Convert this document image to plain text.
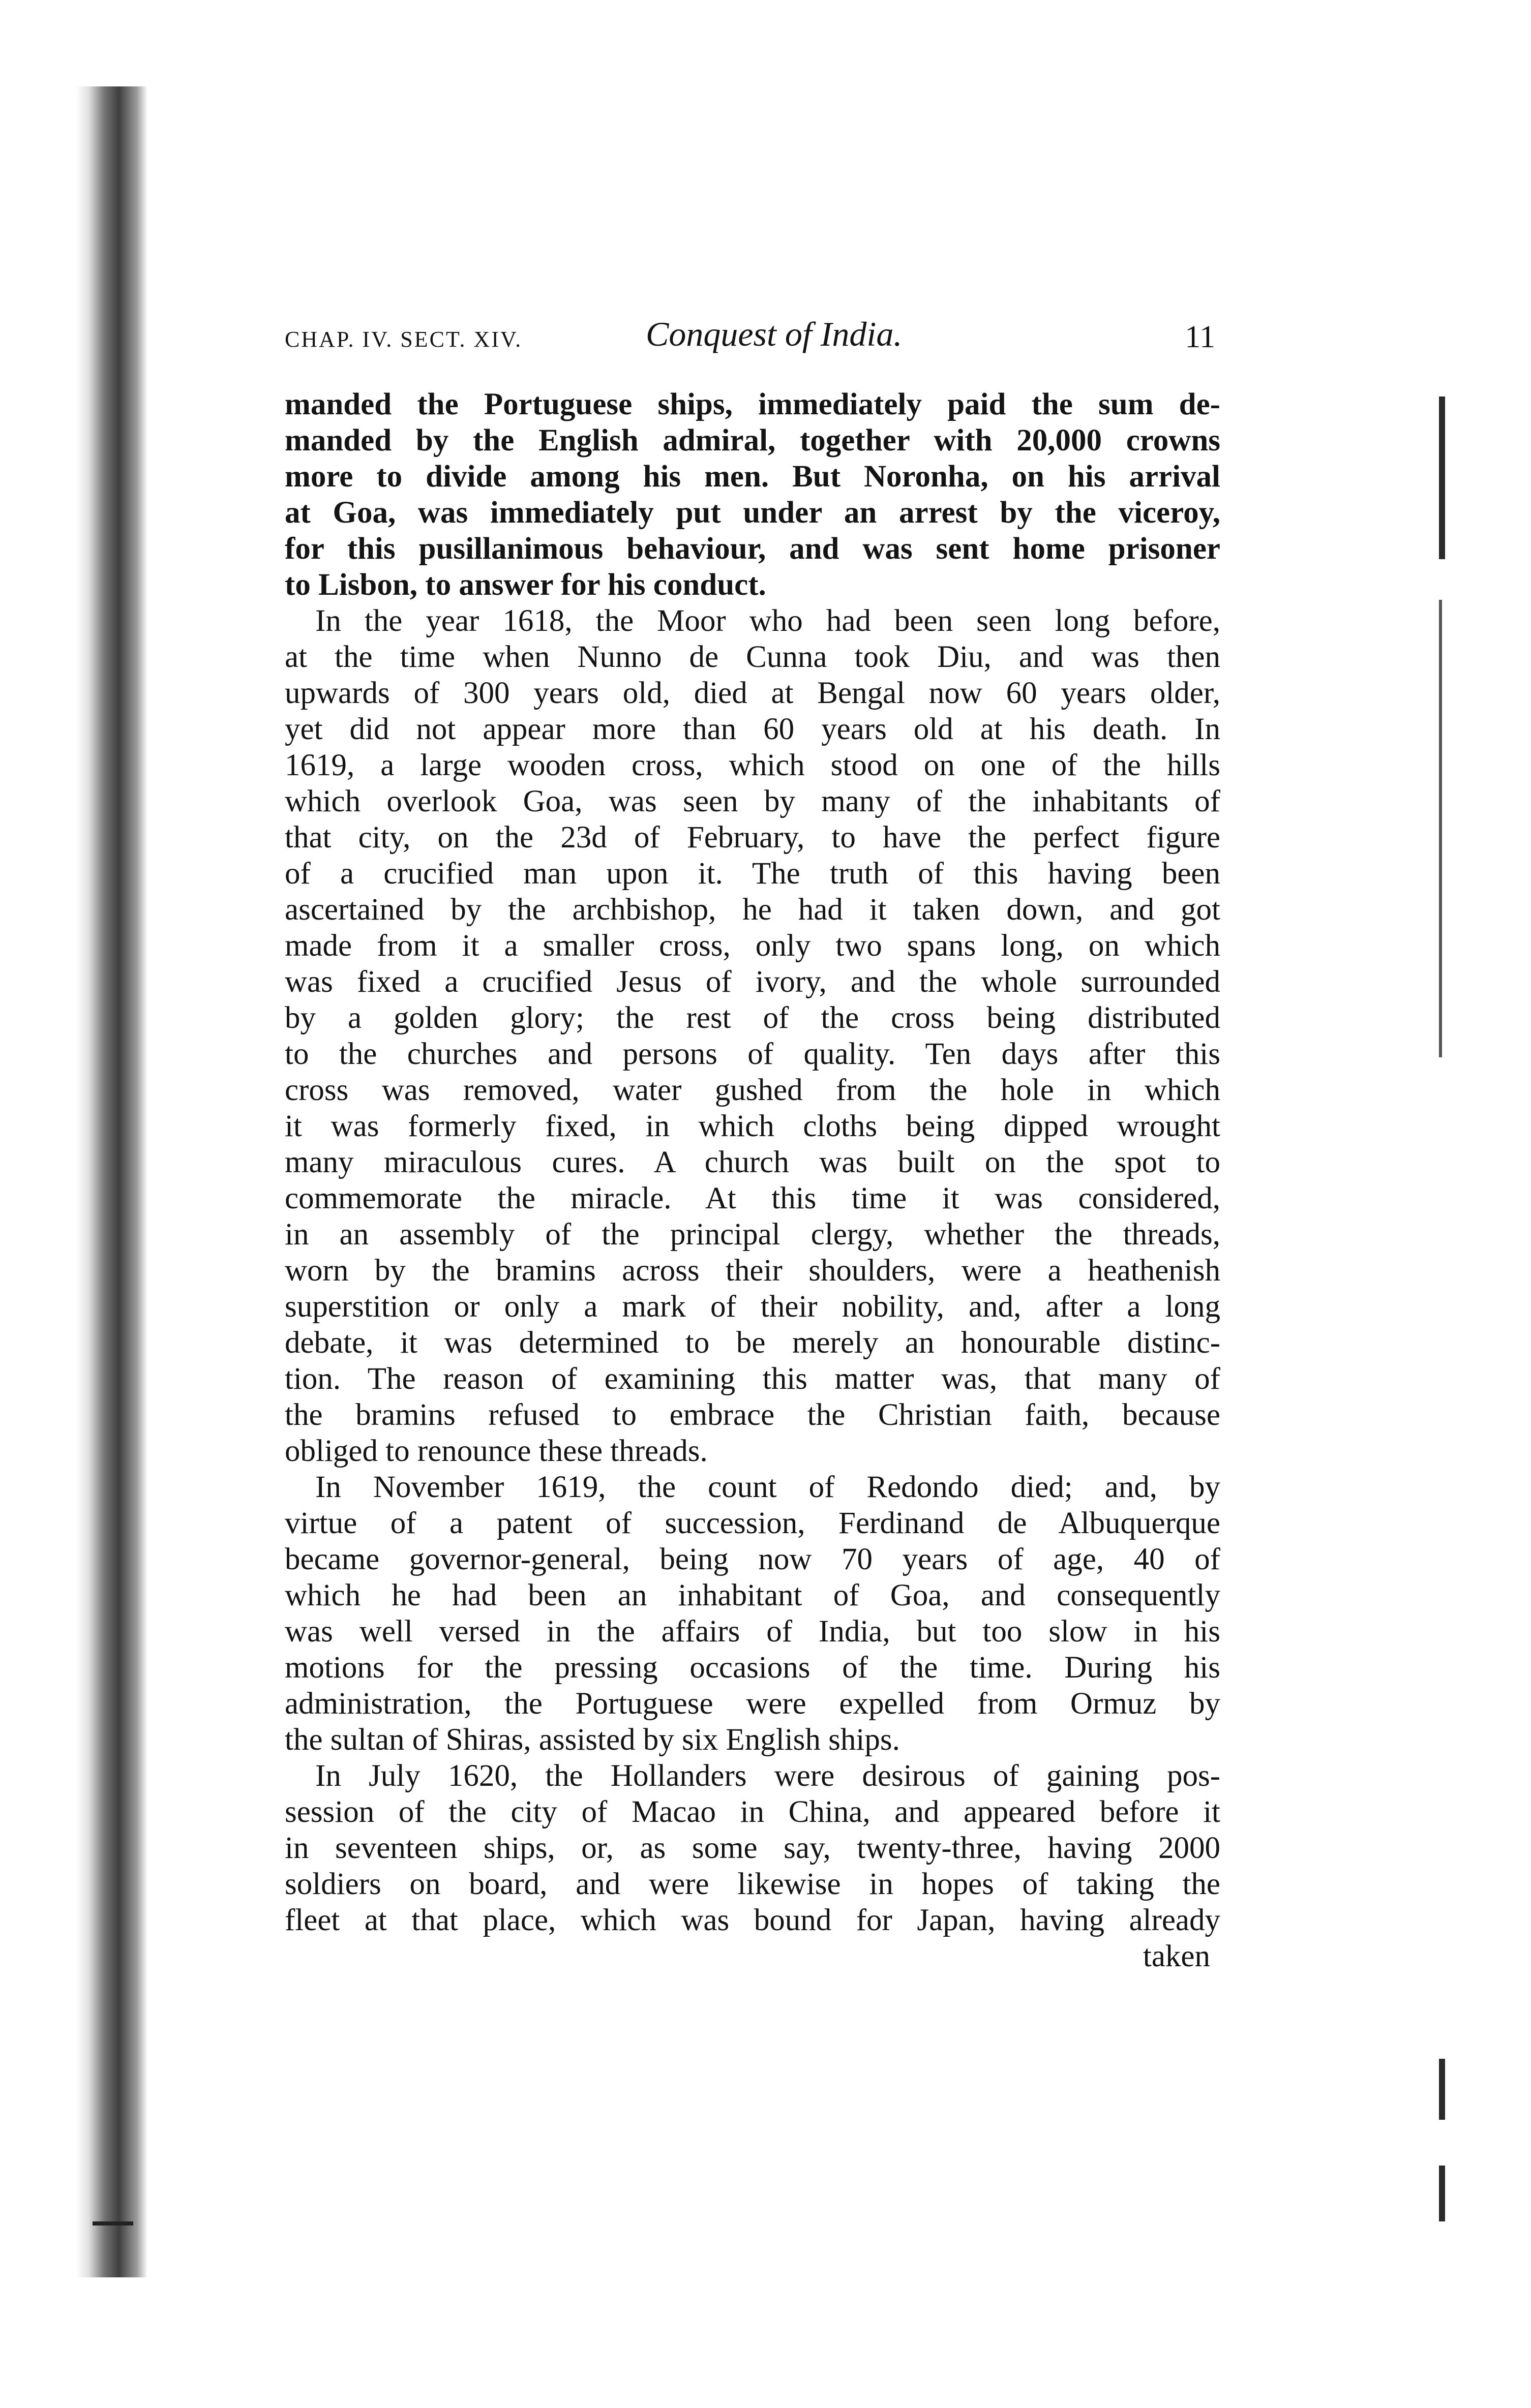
CHAP. IV. SECT. XIV.	Conquest of India.	11
manded the Portuguese ships, immediately paid the sum de-
manded by the English admiral, together with 20,000 crowns
more to divide among his men. But Noronha, on his arrival
at Goa, was immediately put under an arrest by the viceroy,
for this pusillanimous behaviour, and was sent home prisoner
to Lisbon, to answer for his conduct.
In the year 1618, the Moor who had been seen long before,
at the time when Nunno de Cunna took Diu, and was then
upwards of 300 years old, died at Bengal now 60 years older,
yet did not appear more than 60 years old at his death. In
1619, a large wooden cross, which stood on one of the hills
which overlook Goa, was seen by many of the inhabitants of
that city, on the 23d of February, to have the perfect figure
of a crucified man upon it. The truth of this having been
ascertained by the archbishop, he had it taken down, and got
made from it a smaller cross, only two spans long, on which
was fixed a crucified Jesus of ivory, and the whole surrounded
by a golden glory; the rest of the cross being distributed
to the churches and persons of quality. Ten days after this
cross was removed, water gushed from the hole in which
it was formerly fixed, in which cloths being dipped wrought
many miraculous cures. A church was built on the spot to
commemorate the miracle. At this time it was considered,
in an assembly of the principal clergy, whether the threads,
worn by the bramins across their shoulders, were a heathenish
superstition or only a mark of their nobility, and, after a long
debate, it was determined to be merely an honourable distinc-
tion. The reason of examining this matter was, that many of
the bramins refused to embrace the Christian faith, because
obliged to renounce these threads.
In November 1619, the count of Redondo died; and, by
virtue of a patent of succession, Ferdinand de Albuquerque
became governor-general, being now 70 years of age, 40 of
which he had been an inhabitant of Goa, and consequently
was well versed in the affairs of India, but too slow in his
motions for the pressing occasions of the time. During his
administration, the Portuguese were expelled from Ormuz by
the sultan of Shiras, assisted by six English ships.
In July 1620, the Hollanders were desirous of gaining pos-
session of the city of Macao in China, and appeared before it
in seventeen ships, or, as some say, twenty-three, having 2000
soldiers on board, and were likewise in hopes of taking the
fleet at that place, which was bound for Japan, having already
taken
